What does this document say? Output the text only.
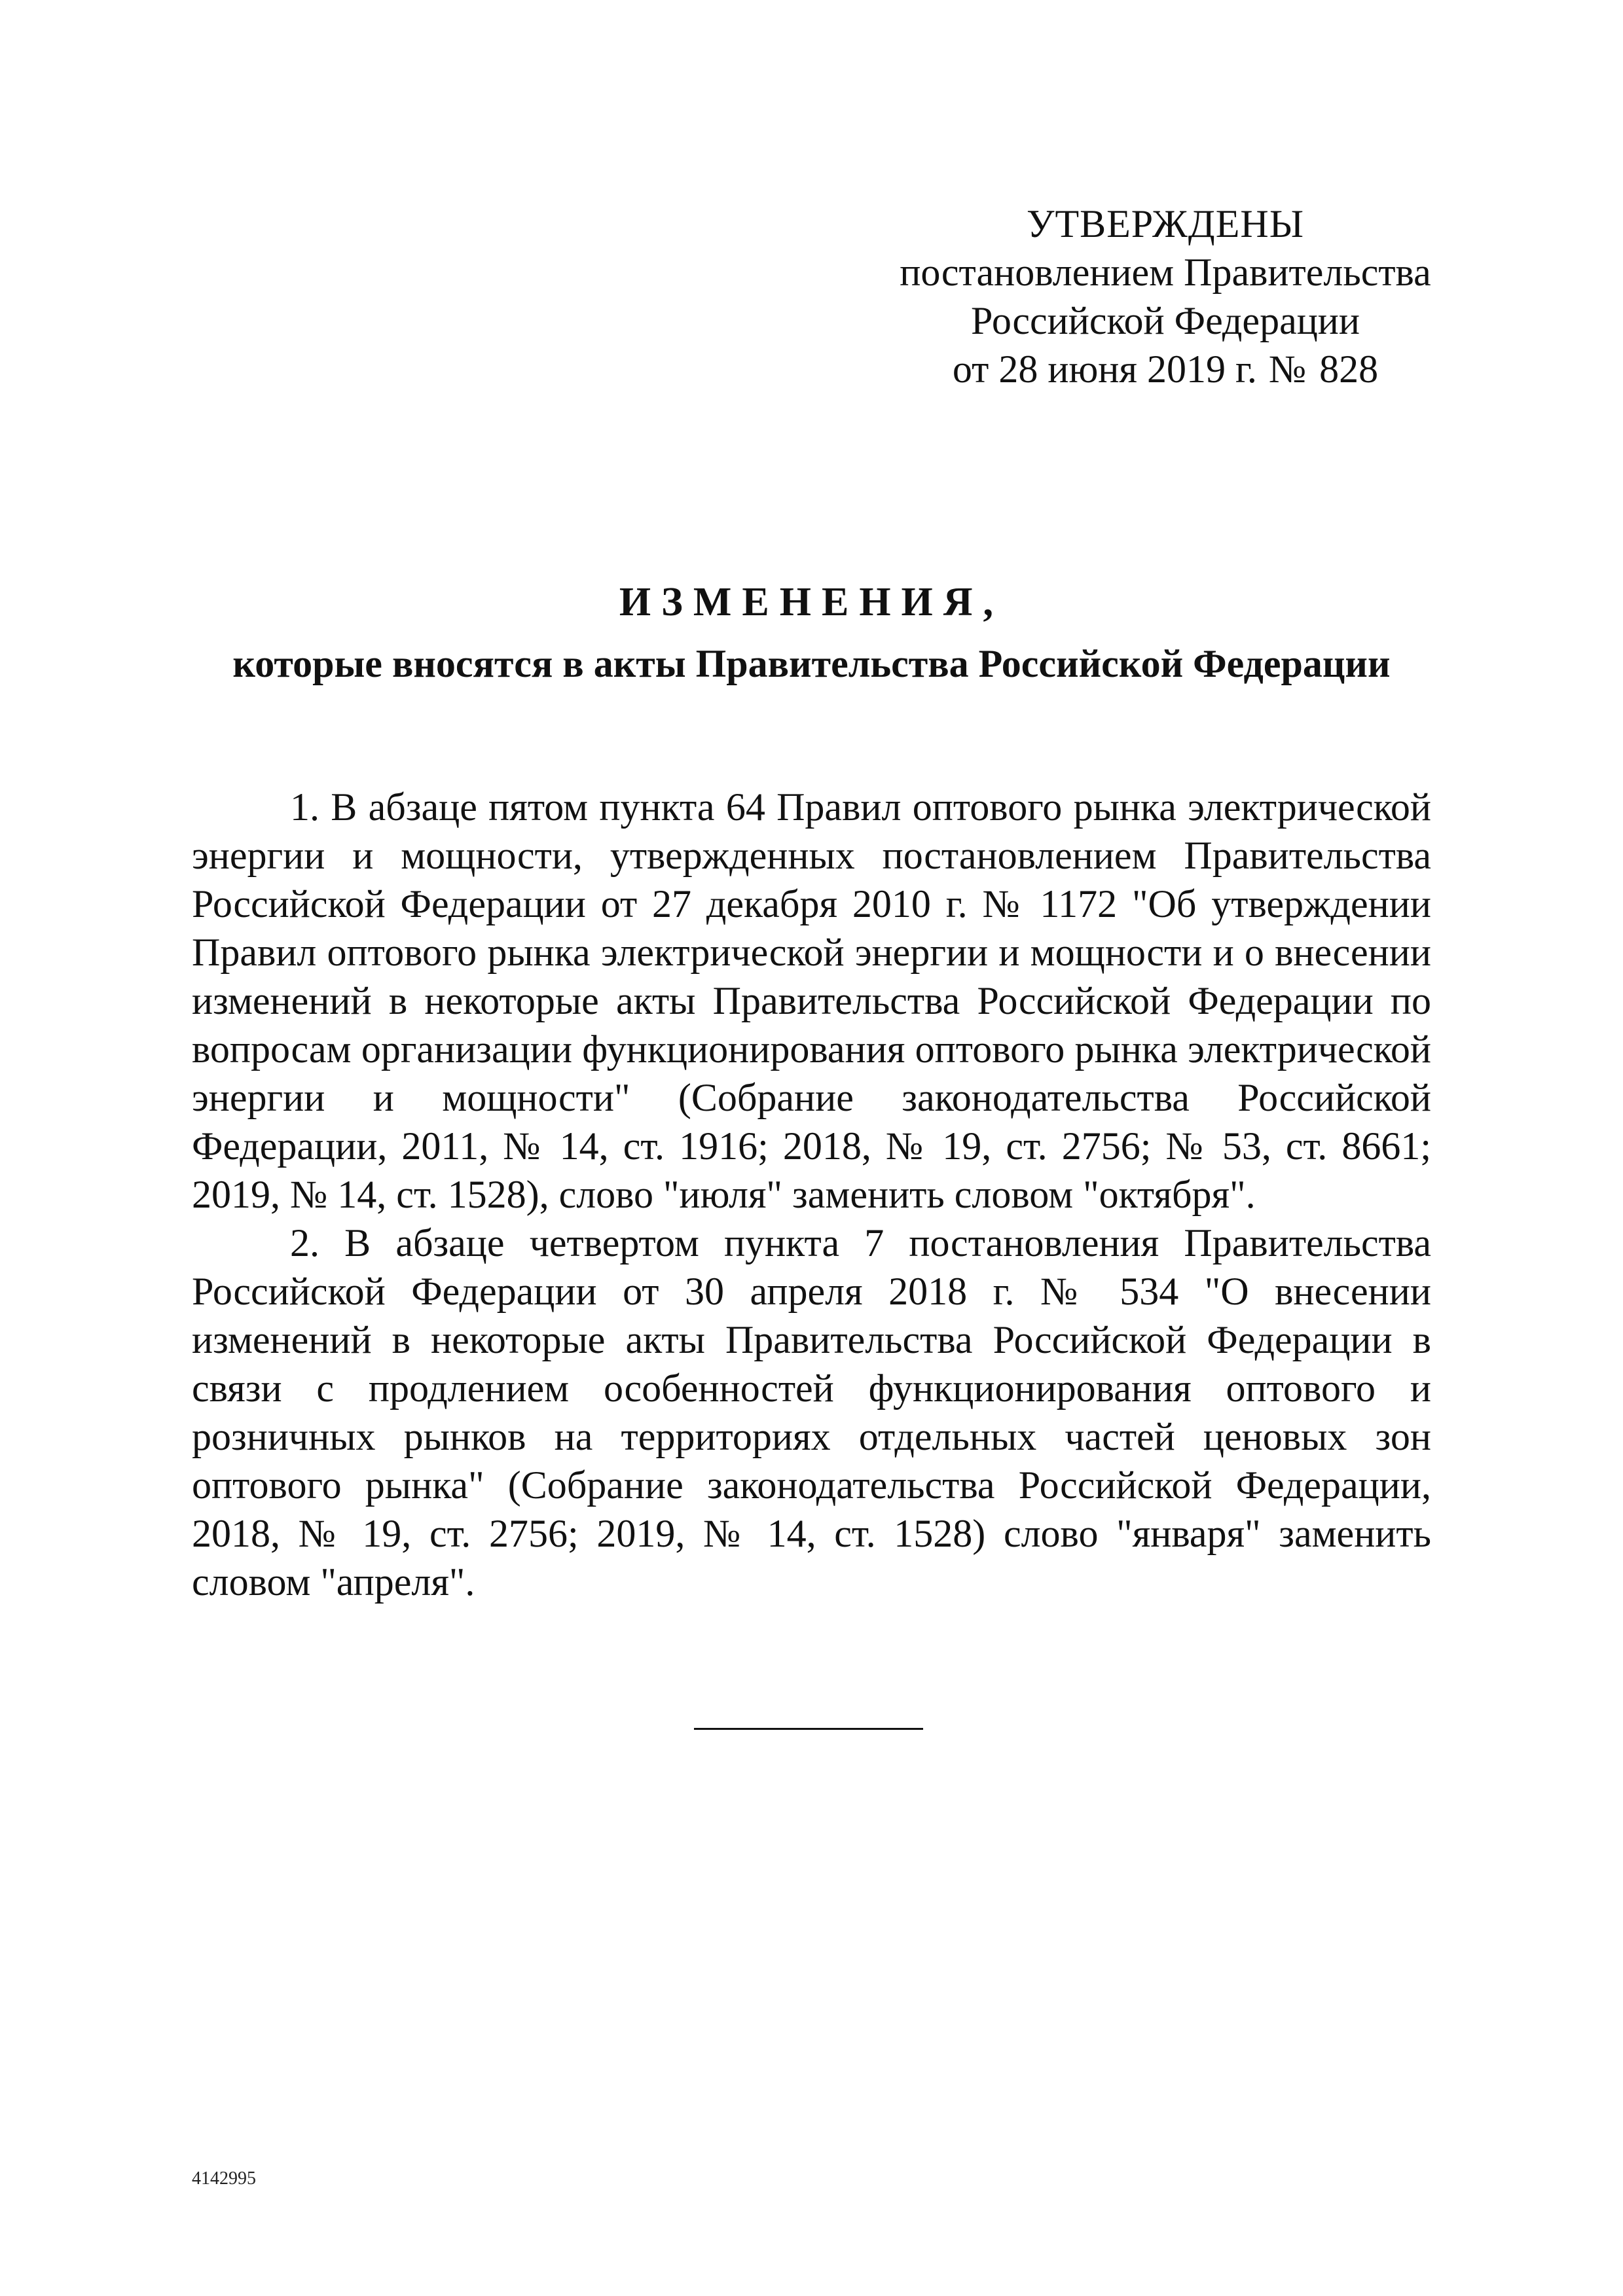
УТВЕРЖДЕНЫ
постановлением Правительства
Российской Федерации
от 28 июня 2019 г. № 828
ИЗМЕНЕНИЯ,
которые вносятся в акты Правительства Российской Федерации

1. В абзаце пятом пункта 64 Правил оптового рынка электрической энергии и мощности, утвержденных постановлением Правительства Российской Федерации от 27 декабря 2010 г. № 1172 "Об утверждении Правил оптового рынка электрической энергии и мощности и о внесении изменений в некоторые акты Правительства Российской Федерации по вопросам организации функционирования оптового рынка электрической энергии и мощности" (Собрание законодательства Российской Федерации, 2011, № 14, ст. 1916; 2018, № 19, ст. 2756; № 53, ст. 8661; 2019, № 14, ст. 1528), слово "июля" заменить словом "октября".

2. В абзаце четвертом пункта 7 постановления Правительства Российской Федерации от 30 апреля 2018 г. № 534 "О внесении изменений в некоторые акты Правительства Российской Федерации в связи с продлением особенностей функционирования оптового и розничных рынков на территориях отдельных частей ценовых зон оптового рынка" (Собрание законодательства Российской Федерации, 2018, № 19, ст. 2756; 2019, № 14, ст. 1528) слово "января" заменить словом "апреля".

4142995
